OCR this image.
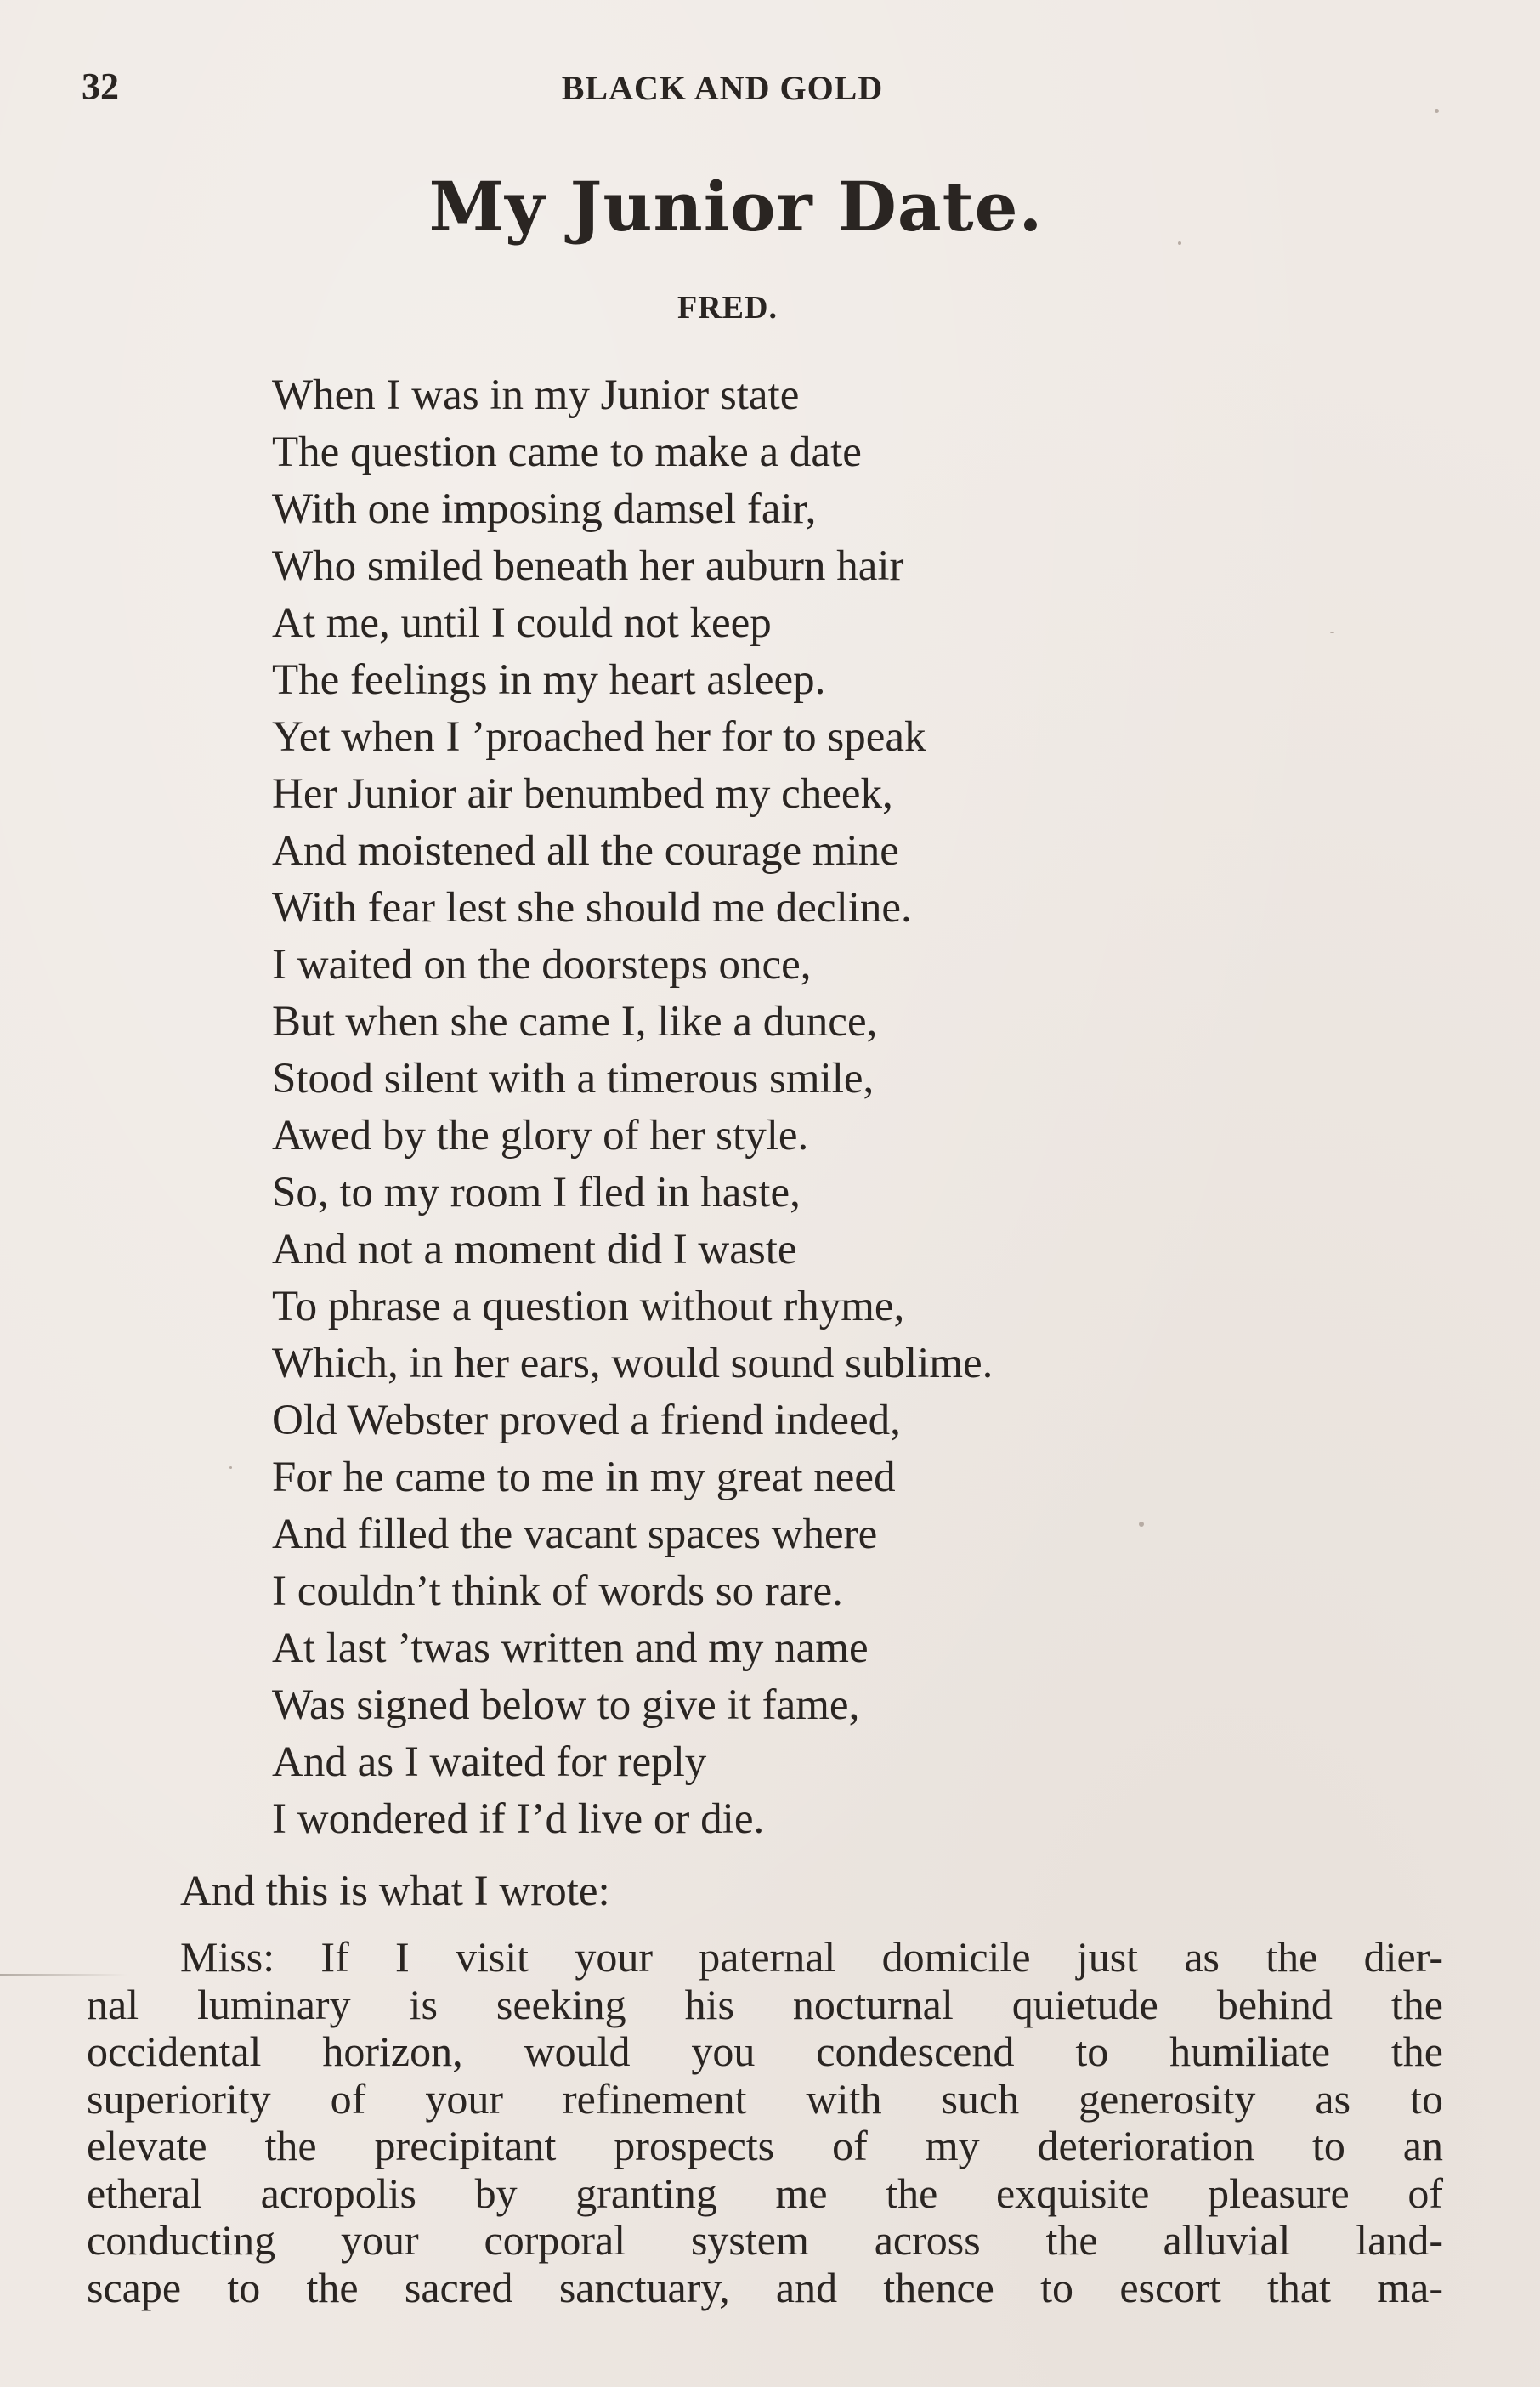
32	BLACK AND GOLD
My Junior Date.
FRED.
When I was in my Junior state
The question came to make a date
With one imposing damsel fair,
Who smiled beneath her auburn hair
At me, until I could not keep
The feelings in my heart asleep.
Yet when I ’proached her for to speak
Her Junior air benumbed my cheek,
And moistened all the courage mine
With fear lest she should me decline.
I waited on the doorsteps once,
But when she came I, like a dunce,
Stood silent with a timerous smile,
Awed by the glory of her style.
So, to my room I fled in haste,
And not a moment did I waste
To phrase a question without rhyme,
Which, in her ears, would sound sublime.
Old Webster proved a friend indeed,
For he came to me in my great need
And filled the vacant spaces where
I couldn’t think of words so rare.
At last ’twas written and my name
Was signed below to give it fame,
And as I waited for reply
I wondered if I’d live or die.
And this is what I wrote:
Miss: If I visit your paternal domicile just as the dier-
nal luminary is seeking his nocturnal quietude behind the
occidental horizon, would you condescend to humiliate the
superiority of your refinement with such generosity as to
elevate the precipitant prospects of my deterioration to an
etheral acropolis by granting me the exquisite pleasure of
conducting your corporal system across the alluvial land-
scape to the sacred sanctuary, and thence to escort that ma-
